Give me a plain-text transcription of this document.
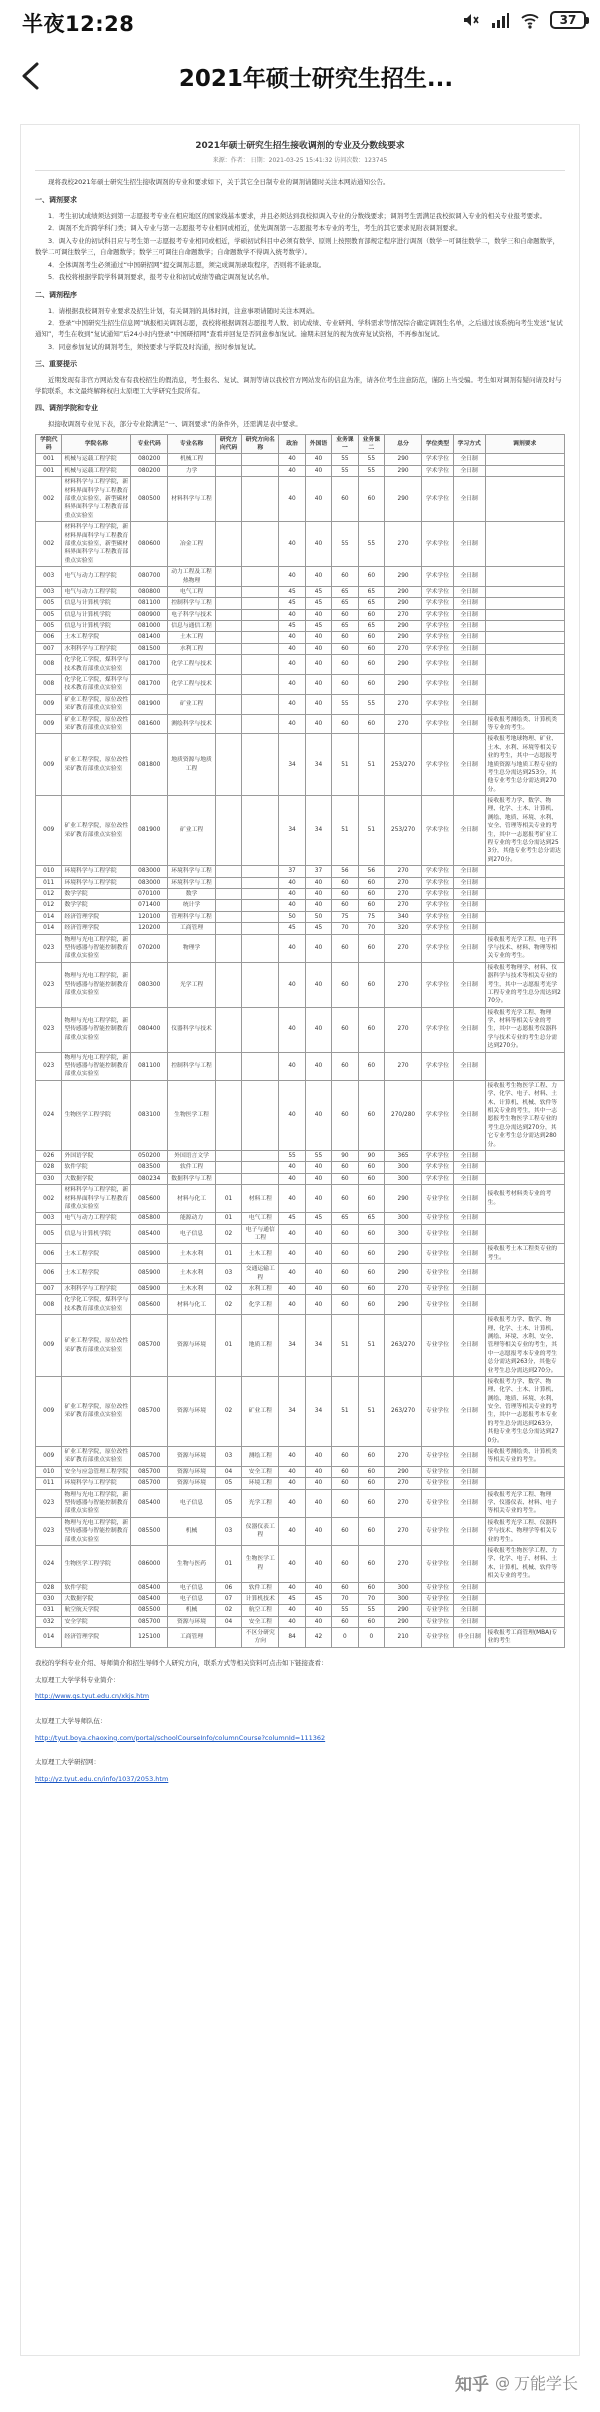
半夜12:28	37
2021年硕士研究生招生...
2021年硕士研究生招生接收调剂的专业及分数线要求
来源：作者： 日期：2021-03-25 15:41:32 访问次数：123745

现将我校2021年硕士研究生招生接收调剂的专业和要求如下，关于其它全日制专业的调剂请随时关注本网站通知公告。

一、调剂要求

1．考生初试成绩须达到第一志愿报考专业在相应地区的国家线基本要求，并且必须达到我校拟调入专业的分数线要求；调剂考生需满足我校拟调入专业的相关专业报考要求。

2．调剂不允许跨学科门类；调入专业与第一志愿报考专业相同或相近，优先调剂第一志愿报考本专业的考生，考生的其它要求见附表调剂要求。

3．调入专业的初试科目应与考生第一志愿报考专业相同或相近，学硕初试科目中必须有数学、原则上按照教育部规定程序进行调剂（数学一可调往数学二，数学三和自命题数学，数学二可调往数学三，自命题数学；数学三可调往自命题数学；自命题数学不得调入统考数学）。

4．全体调剂考生必须通过“中国研招网”提交调剂志愿，须完成调剂录取程序，否则将不能录取。

5．我校将根据学院学科调剂要求，报考专业和初试成绩等确定调剂复试名单。

二、调剂程序

1．请根据我校调剂专业要求及招生计划，有关调剂的具体时间，注意事项请随时关注本网站。

2．登录“中国研究生招生信息网”填报相关调剂志愿，我校将根据调剂志愿报考人数、初试成绩、专业研判、学科需求等情况综合确定调剂生名单，之后通过该系统向考生发送“复试通知”，考生在收到“复试通知”后24小时内登录“中国研招网”查看并回复是否同意参加复试。逾期未回复的视为放弃复试资格，不再参加复试。

3．同意参加复试的调剂考生，须按要求与学院及时沟通，按时参加复试。

三、重要提示

近期发现有非官方网站发布有我校招生的假消息，考生报名、复试、调剂等请以我校官方网站发布的信息为准，请各位考生注意防范，谨防上当受骗。考生如对调剂有疑问请及时与学院联系，本文最终解释权归太原理工大学研究生院所有。

四、调剂学院和专业

拟接收调剂专业见下表，部分专业除满足“一、调剂要求”的条件外，还需满足表中要求。

学院代码	学院名称	专业代码	专业名称	研究方向代码	研究方向名称	政治	外国语	业务课一	业务课二	总分	学位类型	学习方式	调剂要求
001	机械与运载工程学院	080200	机械工程			40	40	55	55	290	学术学位	全日制	
001	机械与运载工程学院	080200	力学			40	40	55	55	290	学术学位	全日制	
002	材料科学与工程学院，新材料界面科学与工程教育部重点实验室，新型碳材料界面科学与工程教育部重点实验室	080500	材料科学与工程			40	40	60	60	290	学术学位	全日制	
002	材料科学与工程学院，新材料界面科学与工程教育部重点实验室，新型碳材料界面科学与工程教育部重点实验室	080600	冶金工程			40	40	55	55	270	学术学位	全日制	
003	电气与动力工程学院	080700	动力工程及工程热物理			40	40	60	60	290	学术学位	全日制	
003	电气与动力工程学院	080800	电气工程			45	45	65	65	290	学术学位	全日制	
005	信息与计算机学院	081100	控制科学与工程			45	45	65	65	290	学术学位	全日制	
005	信息与计算机学院	080900	电子科学与技术			40	40	60	60	270	学术学位	全日制	
005	信息与计算机学院	081000	信息与通信工程			45	45	65	65	290	学术学位	全日制	
006	土木工程学院	081400	土木工程			40	40	60	60	290	学术学位	全日制	
007	水利科学与工程学院	081500	水利工程			40	40	60	60	270	学术学位	全日制	
008	化学化工学院，煤科学与技术教育部重点实验室	081700	化学工程与技术			40	40	60	60	290	学术学位	全日制	
008	化学化工学院，煤科学与技术教育部重点实验室	081700	化学工程与技术			40	40	60	60	290	学术学位	全日制	
009	矿业工程学院，原位改性采矿教育部重点实验室	081900	矿业工程			40	40	55	55	270	学术学位	全日制	
009	矿业工程学院，原位改性采矿教育部重点实验室	081600	测绘科学与技术			40	40	60	60	270	学术学位	全日制	接收报考测绘类、计算机类等专业的考生。
009	矿业工程学院，原位改性采矿教育部重点实验室	081800	地质资源与地质工程			34	34	51	51	253/270	学术学位	全日制	接收报考地球物理、矿业、土木、水利、环境等相关专业的考生，其中一志愿报考地质资源与地质工程专业的考生总分需达到253分，其他专业考生总分需达到270分。
009	矿业工程学院，原位改性采矿教育部重点实验室	081900	矿业工程			34	34	51	51	253/270	学术学位	全日制	接收报考力学、数学、物理、化学、土木、计算机、测绘、地质、环境、水利、安全、管理等相关专业的考生，其中一志愿报考矿业工程专业的考生总分需达到253分，其他专业考生总分需达到270分。
010	环境科学与工程学院	083000	环境科学与工程			37	37	56	56	270	学术学位	全日制	
011	环境科学与工程学院	083000	环境科学与工程			40	40	60	60	270	学术学位	全日制	
012	数学学院	070100	数学			40	40	60	60	270	学术学位	全日制	
012	数学学院	071400	统计学			40	40	60	60	270	学术学位	全日制	
014	经济管理学院	120100	管理科学与工程			50	50	75	75	340	学术学位	全日制	
014	经济管理学院	120200	工商管理			45	45	70	70	320	学术学位	全日制	
023	物理与光电工程学院，新型传感器与智能控制教育部重点实验室	070200	物理学			40	40	60	60	270	学术学位	全日制	接收报考光学工程、电子科学与技术、材料、物理等相关专业的考生。
023	物理与光电工程学院，新型传感器与智能控制教育部重点实验室	080300	光学工程			40	40	60	60	270	学术学位	全日制	接收报考物理学、材料、仪器科学与技术等相关专业的考生，其中一志愿报考光学工程专业的考生总分需达到270分。
023	物理与光电工程学院，新型传感器与智能控制教育部重点实验室	080400	仪器科学与技术			40	40	60	60	270	学术学位	全日制	接收报考光学工程、物理学、材料等相关专业的考生，其中一志愿报考仪器科学与技术专业的考生总分需达到270分。
023	物理与光电工程学院，新型传感器与智能控制教育部重点实验室	081100	控制科学与工程			40	40	60	60	270	学术学位	全日制	
024	生物医学工程学院	083100	生物医学工程			40	40	60	60	270/280	学术学位	全日制	接收报考生物医学工程、力学、化学、电子、材料、土木、计算机、机械、软件等相关专业的考生，其中一志愿报考生物医学工程专业的考生总分需达到270分，其它专业考生总分需达到280分。
026	外国语学院	050200	外国语言文学			55	55	90	90	365	学术学位	全日制	
028	软件学院	083500	软件工程			40	40	60	60	300	学术学位	全日制	
030	大数据学院	080234	数据科学与工程			40	40	60	60	300	学术学位	全日制	
002	材料科学与工程学院，新材料界面科学与工程教育部重点实验室	085600	材料与化工	01	材料工程	40	40	60	60	290	专业学位	全日制	接收报考材料类专业的考生。
003	电气与动力工程学院	085800	能源动力	01	电气工程	45	45	65	65	300	专业学位	全日制	
005	信息与计算机学院	085400	电子信息	02	电子与通信工程	40	40	60	60	300	专业学位	全日制	
006	土木工程学院	085900	土木水利	01	土木工程	40	40	60	60	290	专业学位	全日制	接收报考土木工程类专业的考生。
006	土木工程学院	085900	土木水利	03	交通运输工程	40	40	60	60	290	专业学位	全日制	
007	水利科学与工程学院	085900	土木水利	02	水利工程	40	40	60	60	270	专业学位	全日制	
008	化学化工学院，煤科学与技术教育部重点实验室	085600	材料与化工	02	化学工程	40	40	60	60	290	专业学位	全日制	
009	矿业工程学院，原位改性采矿教育部重点实验室	085700	资源与环境	01	地质工程	34	34	51	51	263/270	专业学位	全日制	接收报考力学、数学、物理、化学、土木、计算机、测绘、环境、水利、安全、管理等相关专业的考生，其中一志愿报考本专业的考生总分需达到263分，其他专业考生总分需达到270分。
009	矿业工程学院，原位改性采矿教育部重点实验室	085700	资源与环境	02	矿业工程	34	34	51	51	263/270	专业学位	全日制	接收报考力学、数学、物理、化学、土木、计算机、测绘、地质、环境、水利、安全、管理等相关专业的考生，其中一志愿报考本专业的考生总分需达到263分，其他专业考生总分需达到270分。
009	矿业工程学院，原位改性采矿教育部重点实验室	085700	资源与环境	03	测绘工程	40	40	60	60	270	专业学位	全日制	接收报考测绘类、计算机类等相关专业的考生。
010	安全与应急管理工程学院	085700	资源与环境	04	安全工程	40	40	60	60	290	专业学位	全日制	
011	环境科学与工程学院	085700	资源与环境	05	环境工程	40	40	60	60	270	专业学位	全日制	
023	物理与光电工程学院，新型传感器与智能控制教育部重点实验室	085400	电子信息	05	光学工程	40	40	60	60	270	专业学位	全日制	接收报考光学工程、物理学、仪器仪表、材料、电子等相关专业的考生。
023	物理与光电工程学院，新型传感器与智能控制教育部重点实验室	085500	机械	03	仪器仪表工程	40	40	60	60	270	专业学位	全日制	接收报考光学工程、仪器科学与技术、物理学等相关专业的考生。
024	生物医学工程学院	086000	生物与医药	01	生物医学工程	40	40	60	60	270	专业学位	全日制	接收报考生物医学工程、力学、化学、电子、材料、土木、计算机、机械、软件等相关专业的考生。
028	软件学院	085400	电子信息	06	软件工程	40	40	60	60	300	专业学位	全日制	
030	大数据学院	085400	电子信息	07	计算机技术	45	45	70	70	300	专业学位	全日制	
031	航空航天学院	085500	机械	02	航空工程	40	40	55	55	290	专业学位	全日制	
032	安全学院	085700	资源与环境	04	安全工程	40	40	60	60	290	专业学位	全日制	
014	经济管理学院	125100	工商管理		不区分研究方向	84	42	0	0	210	专业学位	非全日制	接收报考工商管理(MBA)专业的考生

我校的学科专业介绍、导师简介和招生导师个人研究方向，联系方式等相关资料可点击如下链接查看：

太原理工大学学科专业简介：

http://www.gs.tyut.edu.cn/xkjs.htm

太原理工大学导师队伍：

http://tyut.boya.chaoxing.com/portal/schoolCourseInfo/columnCourse?columnId=111362

太原理工大学研招网：

http://yz.tyut.edu.cn/info/1037/2053.htm
知乎 @ 万能学长
